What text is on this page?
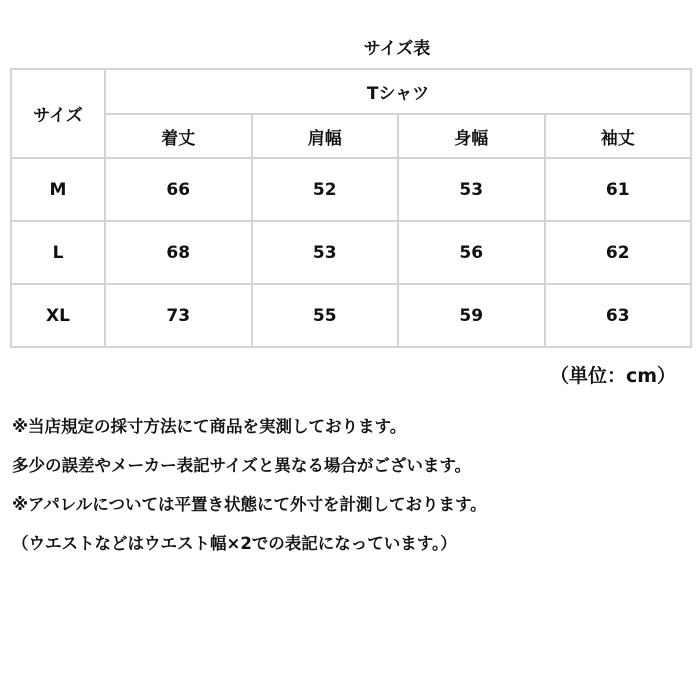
サイズ表
サイズ	Tシャツ			
	着丈	肩幅	身幅	袖丈
M	66	52	53	61
L	68	53	56	62
XL	73	55	59	63
（単位：cm）
※当店規定の採寸方法にて商品を実測しております。
多少の誤差やメーカー表記サイズと異なる場合がございます。
※アパレルについては平置き状態にて外寸を計測しております。
（ウエストなどはウエスト幅×2での表記になっています。）
